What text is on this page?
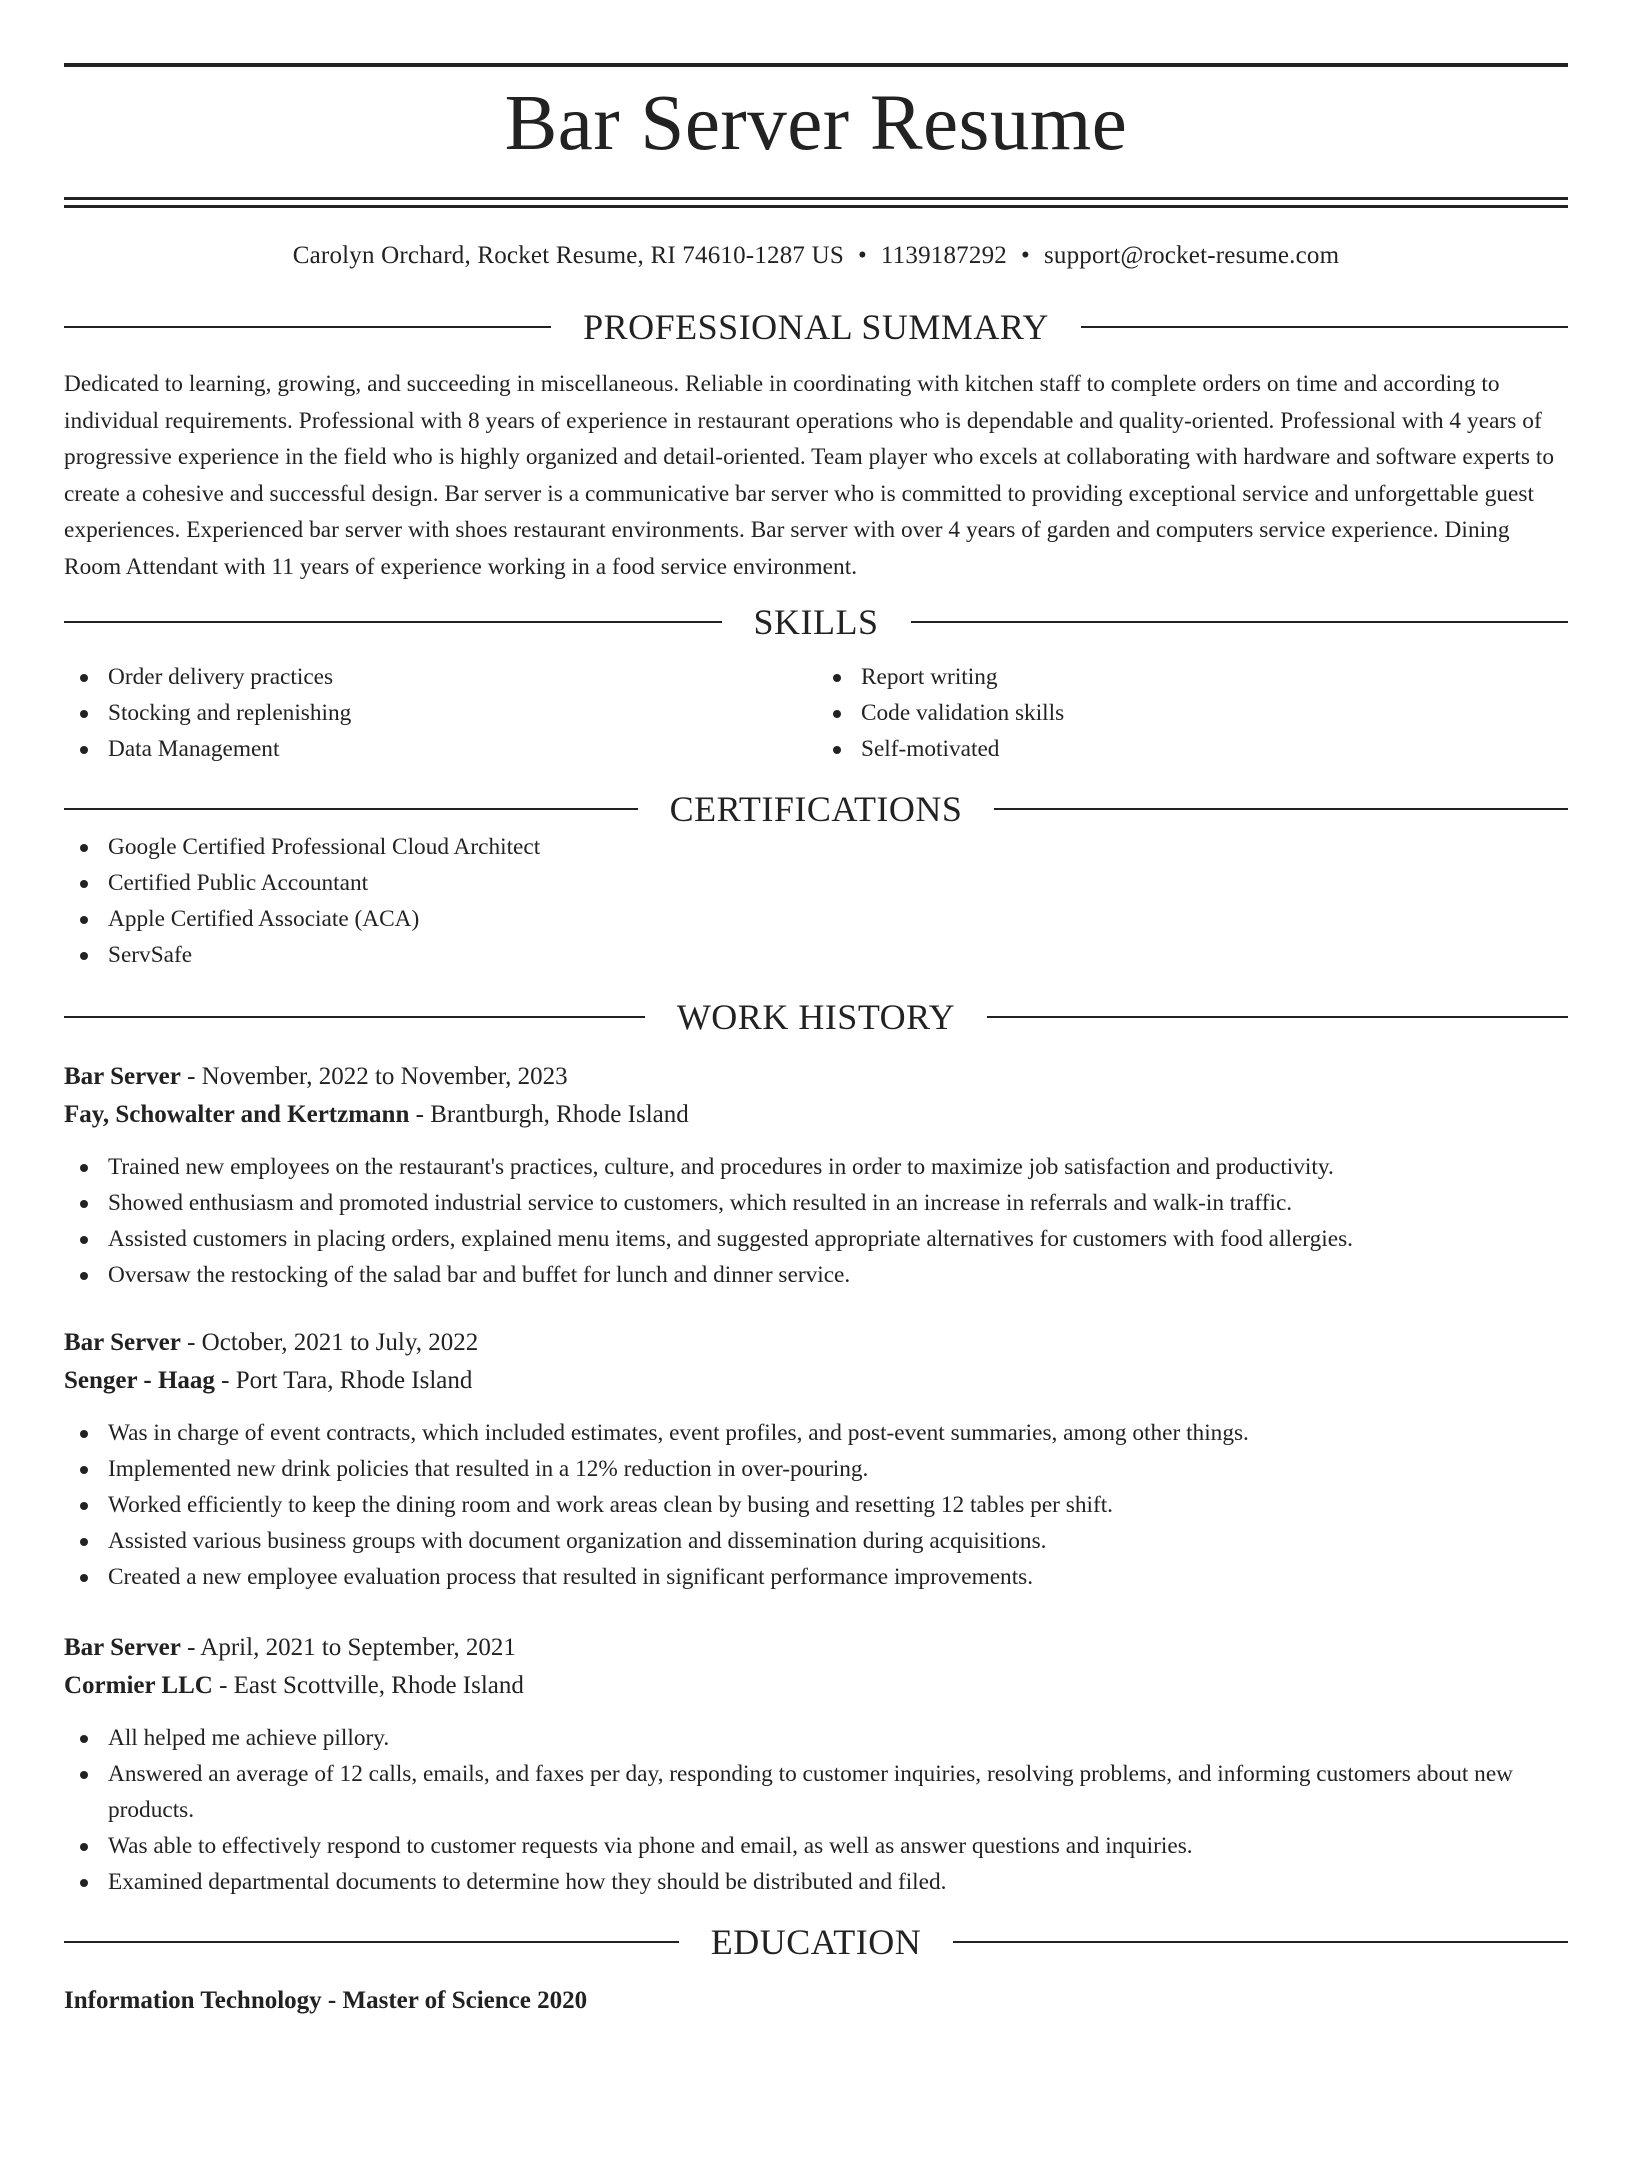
Bar Server Resume
Carolyn Orchard, Rocket Resume, RI 74610-1287 US • 1139187292 • support@rocket-resume.com
PROFESSIONAL SUMMARY

Dedicated to learning, growing, and succeeding in miscellaneous. Reliable in coordinating with kitchen staff to complete orders on time and according to individual requirements. Professional with 8 years of experience in restaurant operations who is dependable and quality-oriented. Professional with 4 years of progressive experience in the field who is highly organized and detail-oriented. Team player who excels at collaborating with hardware and software experts to create a cohesive and successful design. Bar server is a communicative bar server who is committed to providing exceptional service and unforgettable guest experiences. Experienced bar server with shoes restaurant environments. Bar server with over 4 years of garden and computers service experience. Dining Room Attendant with 11 years of experience working in a food service environment.

SKILLS
Order delivery practices
Stocking and replenishing
Data Management
Report writing
Code validation skills
Self-motivated
CERTIFICATIONS
Google Certified Professional Cloud Architect
Certified Public Accountant
Apple Certified Associate (ACA)
ServSafe
WORK HISTORY
Bar Server - November, 2022 to November, 2023
Fay, Schowalter and Kertzmann - Brantburgh, Rhode Island
Trained new employees on the restaurant's practices, culture, and procedures in order to maximize job satisfaction and productivity.
Showed enthusiasm and promoted industrial service to customers, which resulted in an increase in referrals and walk-in traffic.
Assisted customers in placing orders, explained menu items, and suggested appropriate alternatives for customers with food allergies.
Oversaw the restocking of the salad bar and buffet for lunch and dinner service.
Bar Server - October, 2021 to July, 2022
Senger - Haag - Port Tara, Rhode Island
Was in charge of event contracts, which included estimates, event profiles, and post-event summaries, among other things.
Implemented new drink policies that resulted in a 12% reduction in over-pouring.
Worked efficiently to keep the dining room and work areas clean by busing and resetting 12 tables per shift.
Assisted various business groups with document organization and dissemination during acquisitions.
Created a new employee evaluation process that resulted in significant performance improvements.
Bar Server - April, 2021 to September, 2021
Cormier LLC - East Scottville, Rhode Island
All helped me achieve pillory.
Answered an average of 12 calls, emails, and faxes per day, responding to customer inquiries, resolving problems, and informing customers about new products.
Was able to effectively respond to customer requests via phone and email, as well as answer questions and inquiries.
Examined departmental documents to determine how they should be distributed and filed.
EDUCATION
Information Technology - Master of Science 2020
